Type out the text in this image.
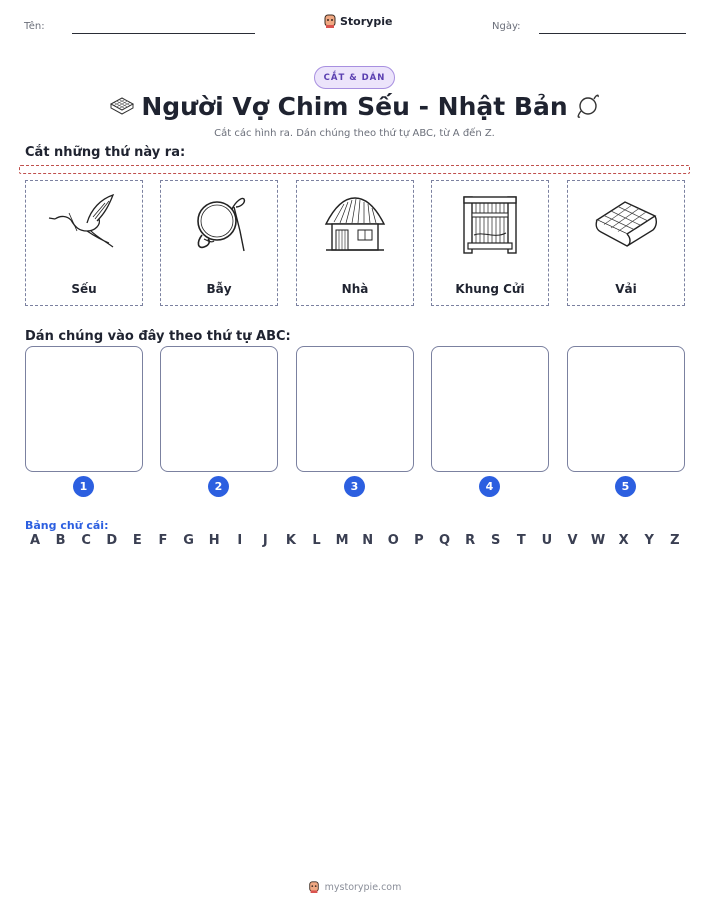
Tên:	Storypie	Ngày:
CẮT & DÁN
Người Vợ Chim Sếu - Nhật Bản
Cắt các hình ra. Dán chúng theo thứ tự ABC, từ A đến Z.
Cắt những thứ này ra:
Sếu	Bẫy	Nhà	Khung Cửi	Vải
Dán chúng vào đây theo thứ tự ABC:
1	2	3	4	5
Bảng chữ cái:
A	B	C	D	E	F	G	H	I	J	K	L	M	N	O	P	Q	R	S	T	U	V	W	X	Y	Z
mystorypie.com
